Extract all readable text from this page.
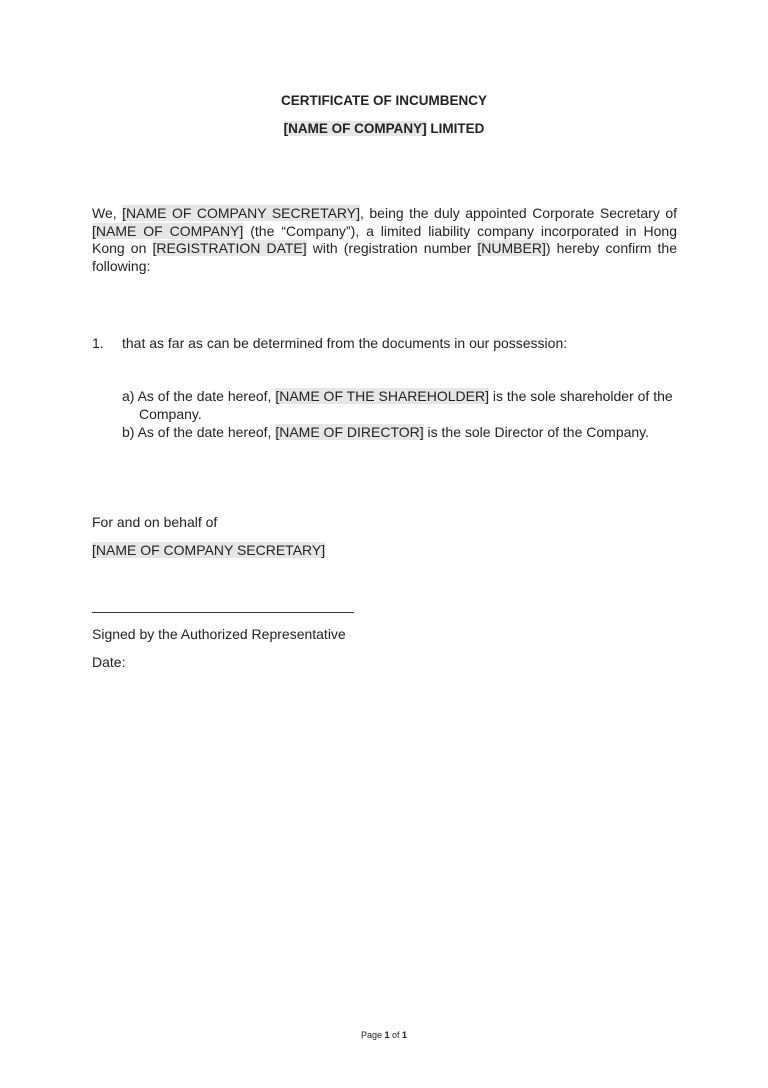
CERTIFICATE OF INCUMBENCY
[NAME OF COMPANY] LIMITED
We, [NAME OF COMPANY SECRETARY], being the duly appointed Corporate Secretary of
[NAME OF COMPANY] (the “Company”), a limited liability company incorporated in Hong
Kong on [REGISTRATION DATE] with (registration number [NUMBER]) hereby confirm the
following:
1. that as far as can be determined from the documents in our possession:
a) As of the date hereof, [NAME OF THE SHAREHOLDER] is the sole shareholder of the
Company.
b) As of the date hereof, [NAME OF DIRECTOR] is the sole Director of the Company.
For and on behalf of
[NAME OF COMPANY SECRETARY]
Signed by the Authorized Representative
Date:
Page 1 of 1
